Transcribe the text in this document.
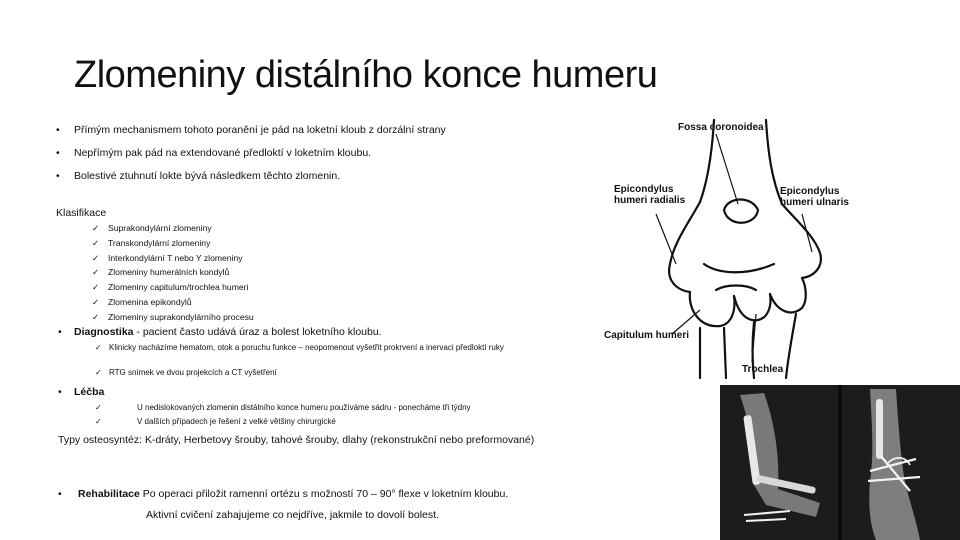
Zlomeniny distálního konce humeru
• Přímým mechanismem tohoto poranění je pád na loketní kloub z dorzální strany
• Nepřímým pak pád na extendované předloktí v loketním kloubu.
• Bolestivé ztuhnutí lokte bývá následkem těchto zlomenin.
Klasifikace
✓ Suprakondylární zlomeniny
✓ Transkondylární zlomeniny
✓ Interkondylární T nebo Y zlomeniny
✓ Zlomeniny humerálních kondylů
✓ Zlomeniny capitulum/trochlea humeri
✓ Zlomenina epikondylů
✓ Zlomeniny suprakondylárního procesu
• Diagnostika - pacient často udává úraz a bolest loketního kloubu.
✓ Klinicky nacházíme hematom, otok a poruchu funkce – neopomenout vyšetřit prokrvení a inervaci předloktí ruky
✓ RTG snímek ve dvou projekcích a CT vyšetření
• Léčba
✓	U nedislokovaných zlomenin distálního konce humeru používáme sádru - ponecháme tři týdny
✓	V dalších případech je řešení z velké většiny chirurgické
Typy osteosyntéz: K-dráty, Herbetovy šrouby, tahové šrouby, dlahy (rekonstrukční nebo preformované)
• Rehabilitace Po operaci přiložit ramenní ortézu s možností 70 – 90° flexe v loketním kloubu.
Aktivní cvičení zahajujeme co nejdříve, jakmile to dovolí bolest.
Fossa coronoidea
Epicondylus
humeri radialis
Epicondylus
humeri ulnaris
Capitulum humeri
Trochlea
